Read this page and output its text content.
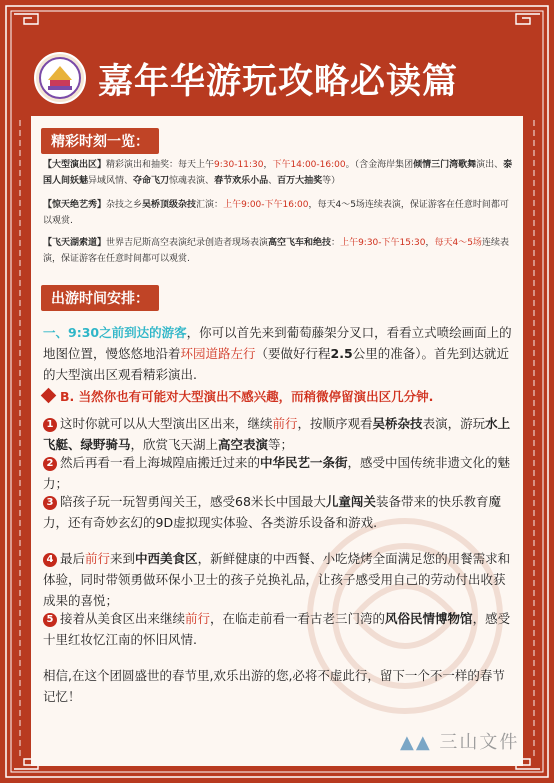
嘉年华游玩攻略必读篇
精彩时刻一览：
【大型演出区】精彩演出和抽奖：每天上午9:30-11:30，下午14:00-16:00。（含金海岸集团倾情三门湾歌舞演出、泰国人间妖魅异域风情、夺命飞刀惊魂表演、春节欢乐小品、百万大抽奖等）
【惊天绝艺秀】杂技之乡吴桥顶级杂技汇演：上午9:00-下午16:00，每天4～5场连续表演，保证游客在任意时间都可以观赏.
【飞天湖索道】世界吉尼斯高空表演纪录创造者现场表演高空飞车和绝技：上午9:30-下午15:30，每天4～5场连续表演，保证游客在任意时间都可以观赏.
出游时间安排：
一、9:30之前到达的游客，你可以首先来到葡萄藤架分叉口，看看立式喷绘画面上的地图位置，慢悠悠地沿着环园道路左行（要做好行程2.5公里的准备）。首先到达就近的大型演出区观看精彩演出.
B. 当然你也有可能对大型演出不感兴趣，而稍微停留演出区几分钟.
1 这时你就可以从大型演出区出来，继续前行，按顺序观看吴桥杂技表演，游玩水上飞艇、绿野骑马，欣赏飞天湖上高空表演等；
2 然后再看一看上海城隍庙搬迁过来的中华民艺一条街，感受中国传统非遗文化的魅力；
3 陪孩子玩一玩智勇闯关王，感受68米长中国最大儿童闯关装备带来的快乐教育魔力，还有奇妙玄幻的9D虚拟现实体验、各类游乐设备和游戏.
4 最后前行来到中西美食区，新鲜健康的中西餐、小吃烧烤全面满足您的用餐需求和体验，同时带领勇做环保小卫士的孩子兑换礼品，让孩子感受用自己的劳动付出收获成果的喜悦；
5 接着从美食区出来继续前行，在临走前看一看古老三门湾的风俗民情博物馆，感受十里红妆忆江南的怀旧风情.
相信,在这个团圆盛世的春节里,欢乐出游的您,必将不虚此行，留下一个不一样的春节记忆！
▲▲ 三山文件
